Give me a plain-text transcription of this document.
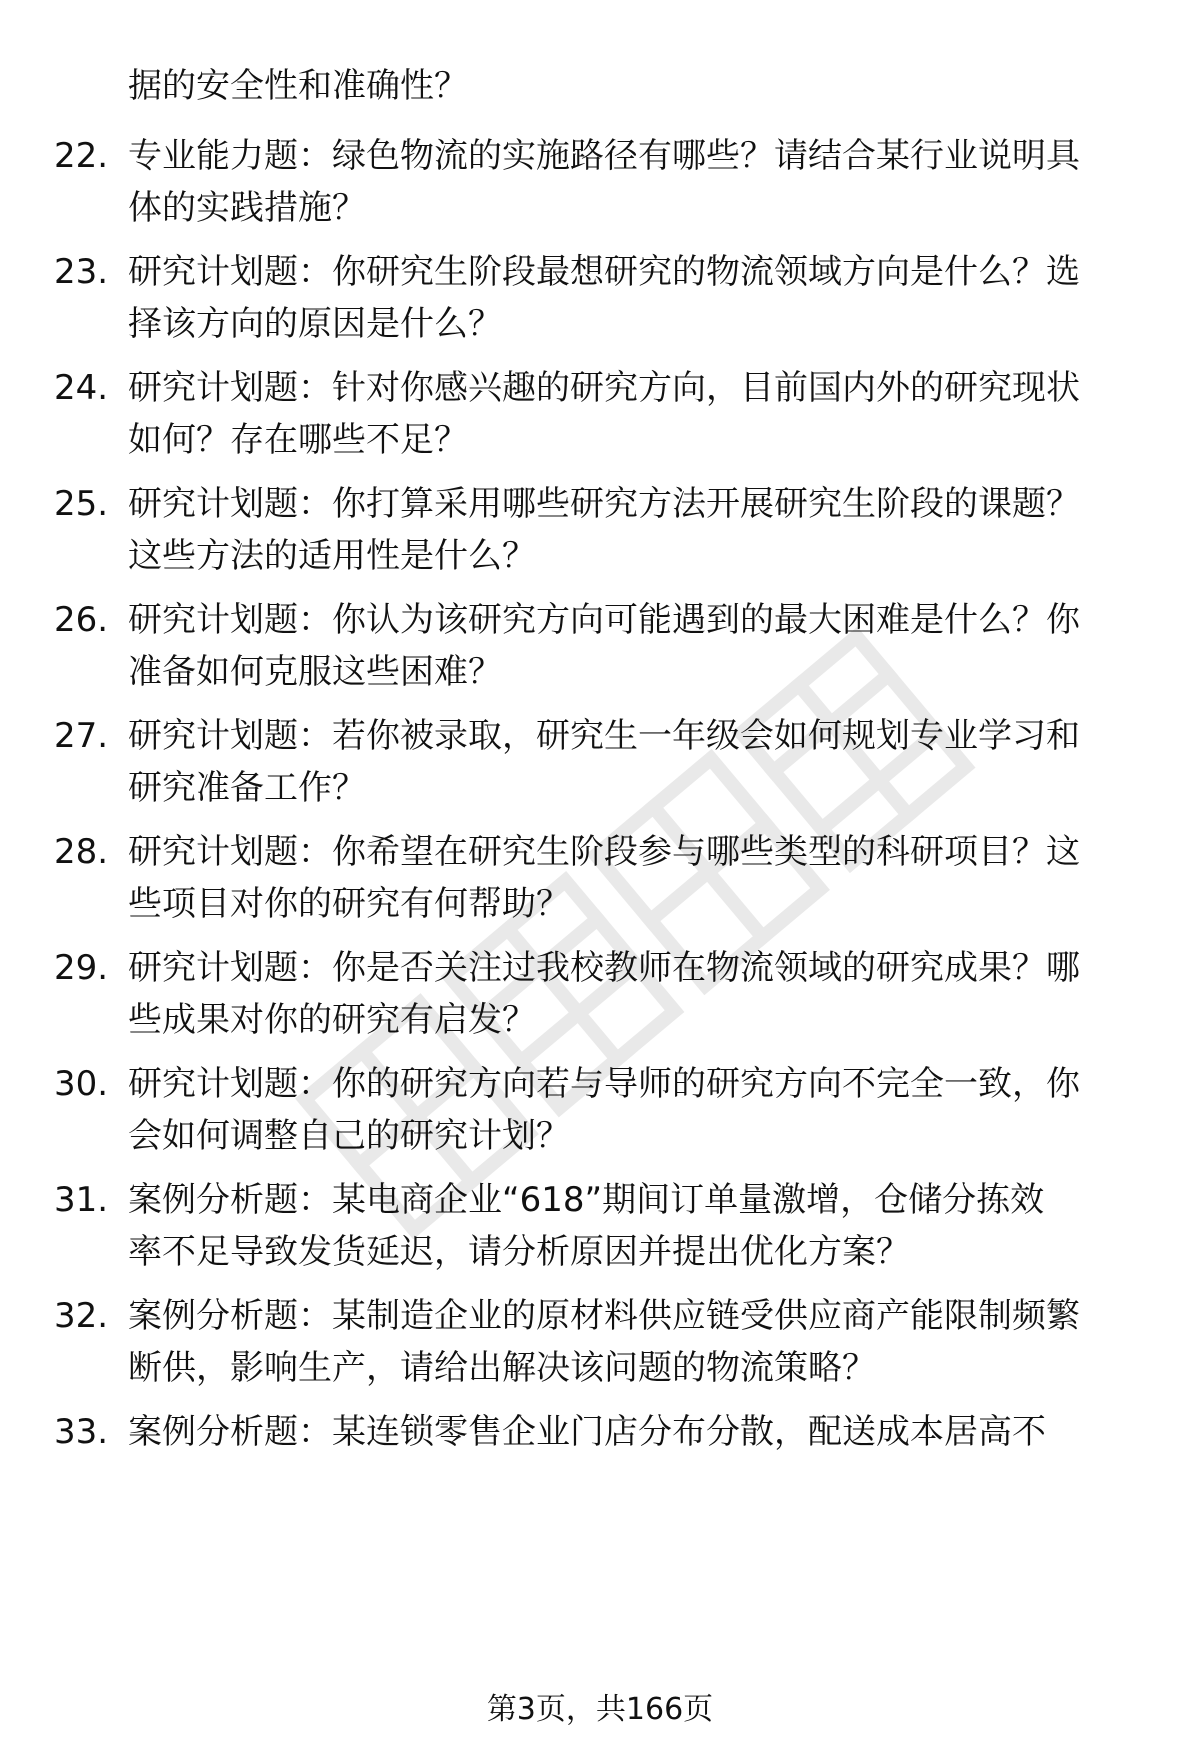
据的安全性和准确性？

22. 专业能力题：绿色物流的实施路径有哪些？请结合某行业说明具
体的实践措施？

23. 研究计划题：你研究生阶段最想研究的物流领域方向是什么？选
择该方向的原因是什么？

24. 研究计划题：针对你感兴趣的研究方向，目前国内外的研究现状
如何？存在哪些不足？

25. 研究计划题：你打算采用哪些研究方法开展研究生阶段的课题？
这些方法的适用性是什么？

26. 研究计划题：你认为该研究方向可能遇到的最大困难是什么？你
准备如何克服这些困难？

27. 研究计划题：若你被录取，研究生一年级会如何规划专业学习和
研究准备工作？

28. 研究计划题：你希望在研究生阶段参与哪些类型的科研项目？这
些项目对你的研究有何帮助？

29. 研究计划题：你是否关注过我校教师在物流领域的研究成果？哪
些成果对你的研究有启发？

30. 研究计划题：你的研究方向若与导师的研究方向不完全一致，你
会如何调整自己的研究计划？

31. 案例分析题：某电商企业“618”期间订单量激增，仓储分拣效
率不足导致发货延迟，请分析原因并提出优化方案？

32. 案例分析题：某制造企业的原材料供应链受供应商产能限制频繁
断供，影响生产，请给出解决该问题的物流策略？

33. 案例分析题：某连锁零售企业门店分布分散，配送成本居高不

第3页，共166页
